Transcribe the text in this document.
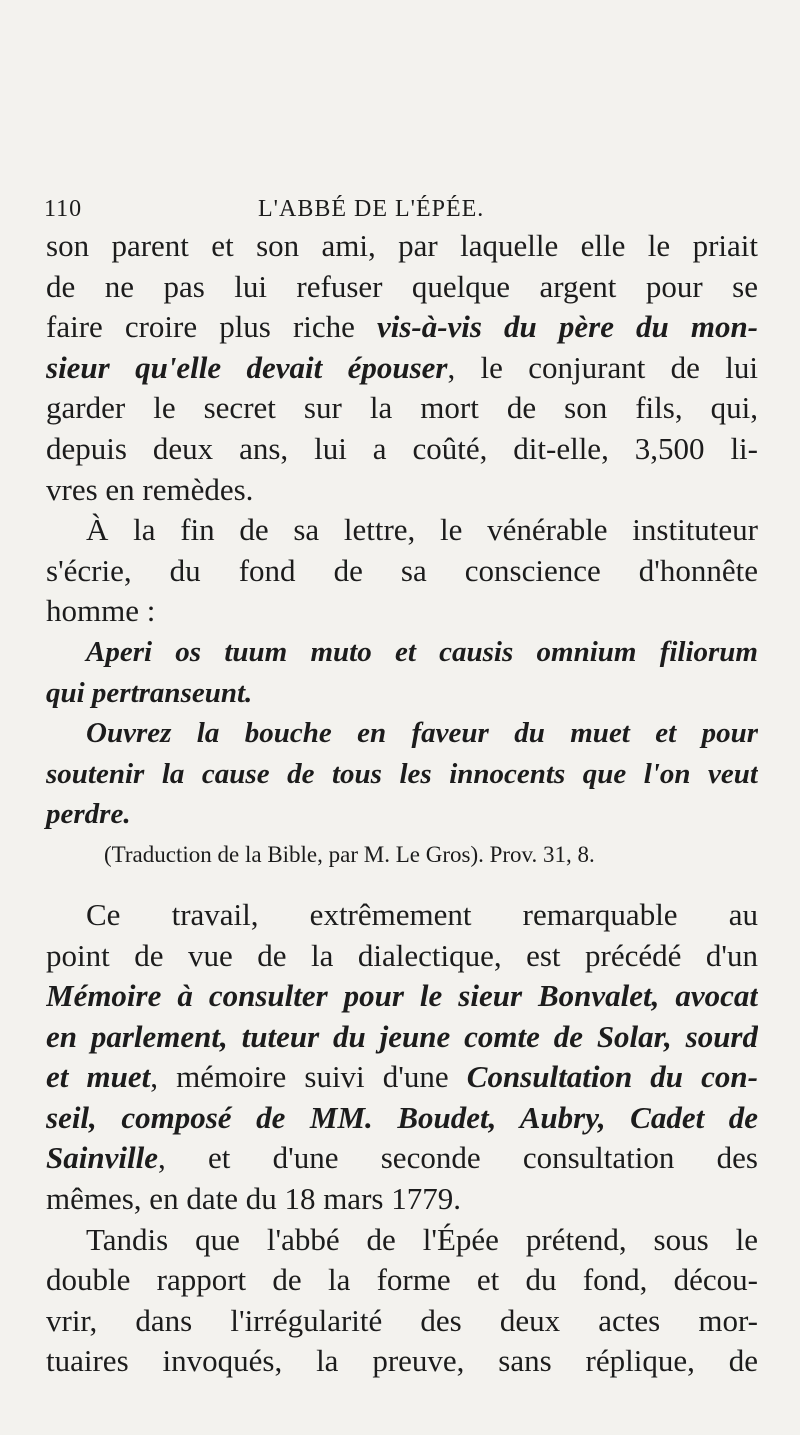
110	L'ABBÉ DE L'ÉPÉE.
son parent et son ami, par laquelle elle le priait
de ne pas lui refuser quelque argent pour se
faire croire plus riche vis-à-vis du père du mon-
sieur qu'elle devait épouser, le conjurant de lui
garder le secret sur la mort de son fils, qui,
depuis deux ans, lui a coûté, dit-elle, 3,500 li-
vres en remèdes.
À la fin de sa lettre, le vénérable instituteur
s'écrie, du fond de sa conscience d'honnête
homme :
Aperi os tuum muto et causis omnium filiorum
qui pertranseunt.
Ouvrez la bouche en faveur du muet et pour
soutenir la cause de tous les innocents que l'on veut
perdre.
(Traduction de la Bible, par M. Le Gros). Prov. 31, 8.
Ce travail, extrêmement remarquable au
point de vue de la dialectique, est précédé d'un
Mémoire à consulter pour le sieur Bonvalet, avocat
en parlement, tuteur du jeune comte de Solar, sourd
et muet, mémoire suivi d'une Consultation du con-
seil, composé de MM. Boudet, Aubry, Cadet de
Sainville, et d'une seconde consultation des
mêmes, en date du 18 mars 1779.
Tandis que l'abbé de l'Épée prétend, sous le
double rapport de la forme et du fond, décou-
vrir, dans l'irrégularité des deux actes mor-
tuaires invoqués, la preuve, sans réplique, de
